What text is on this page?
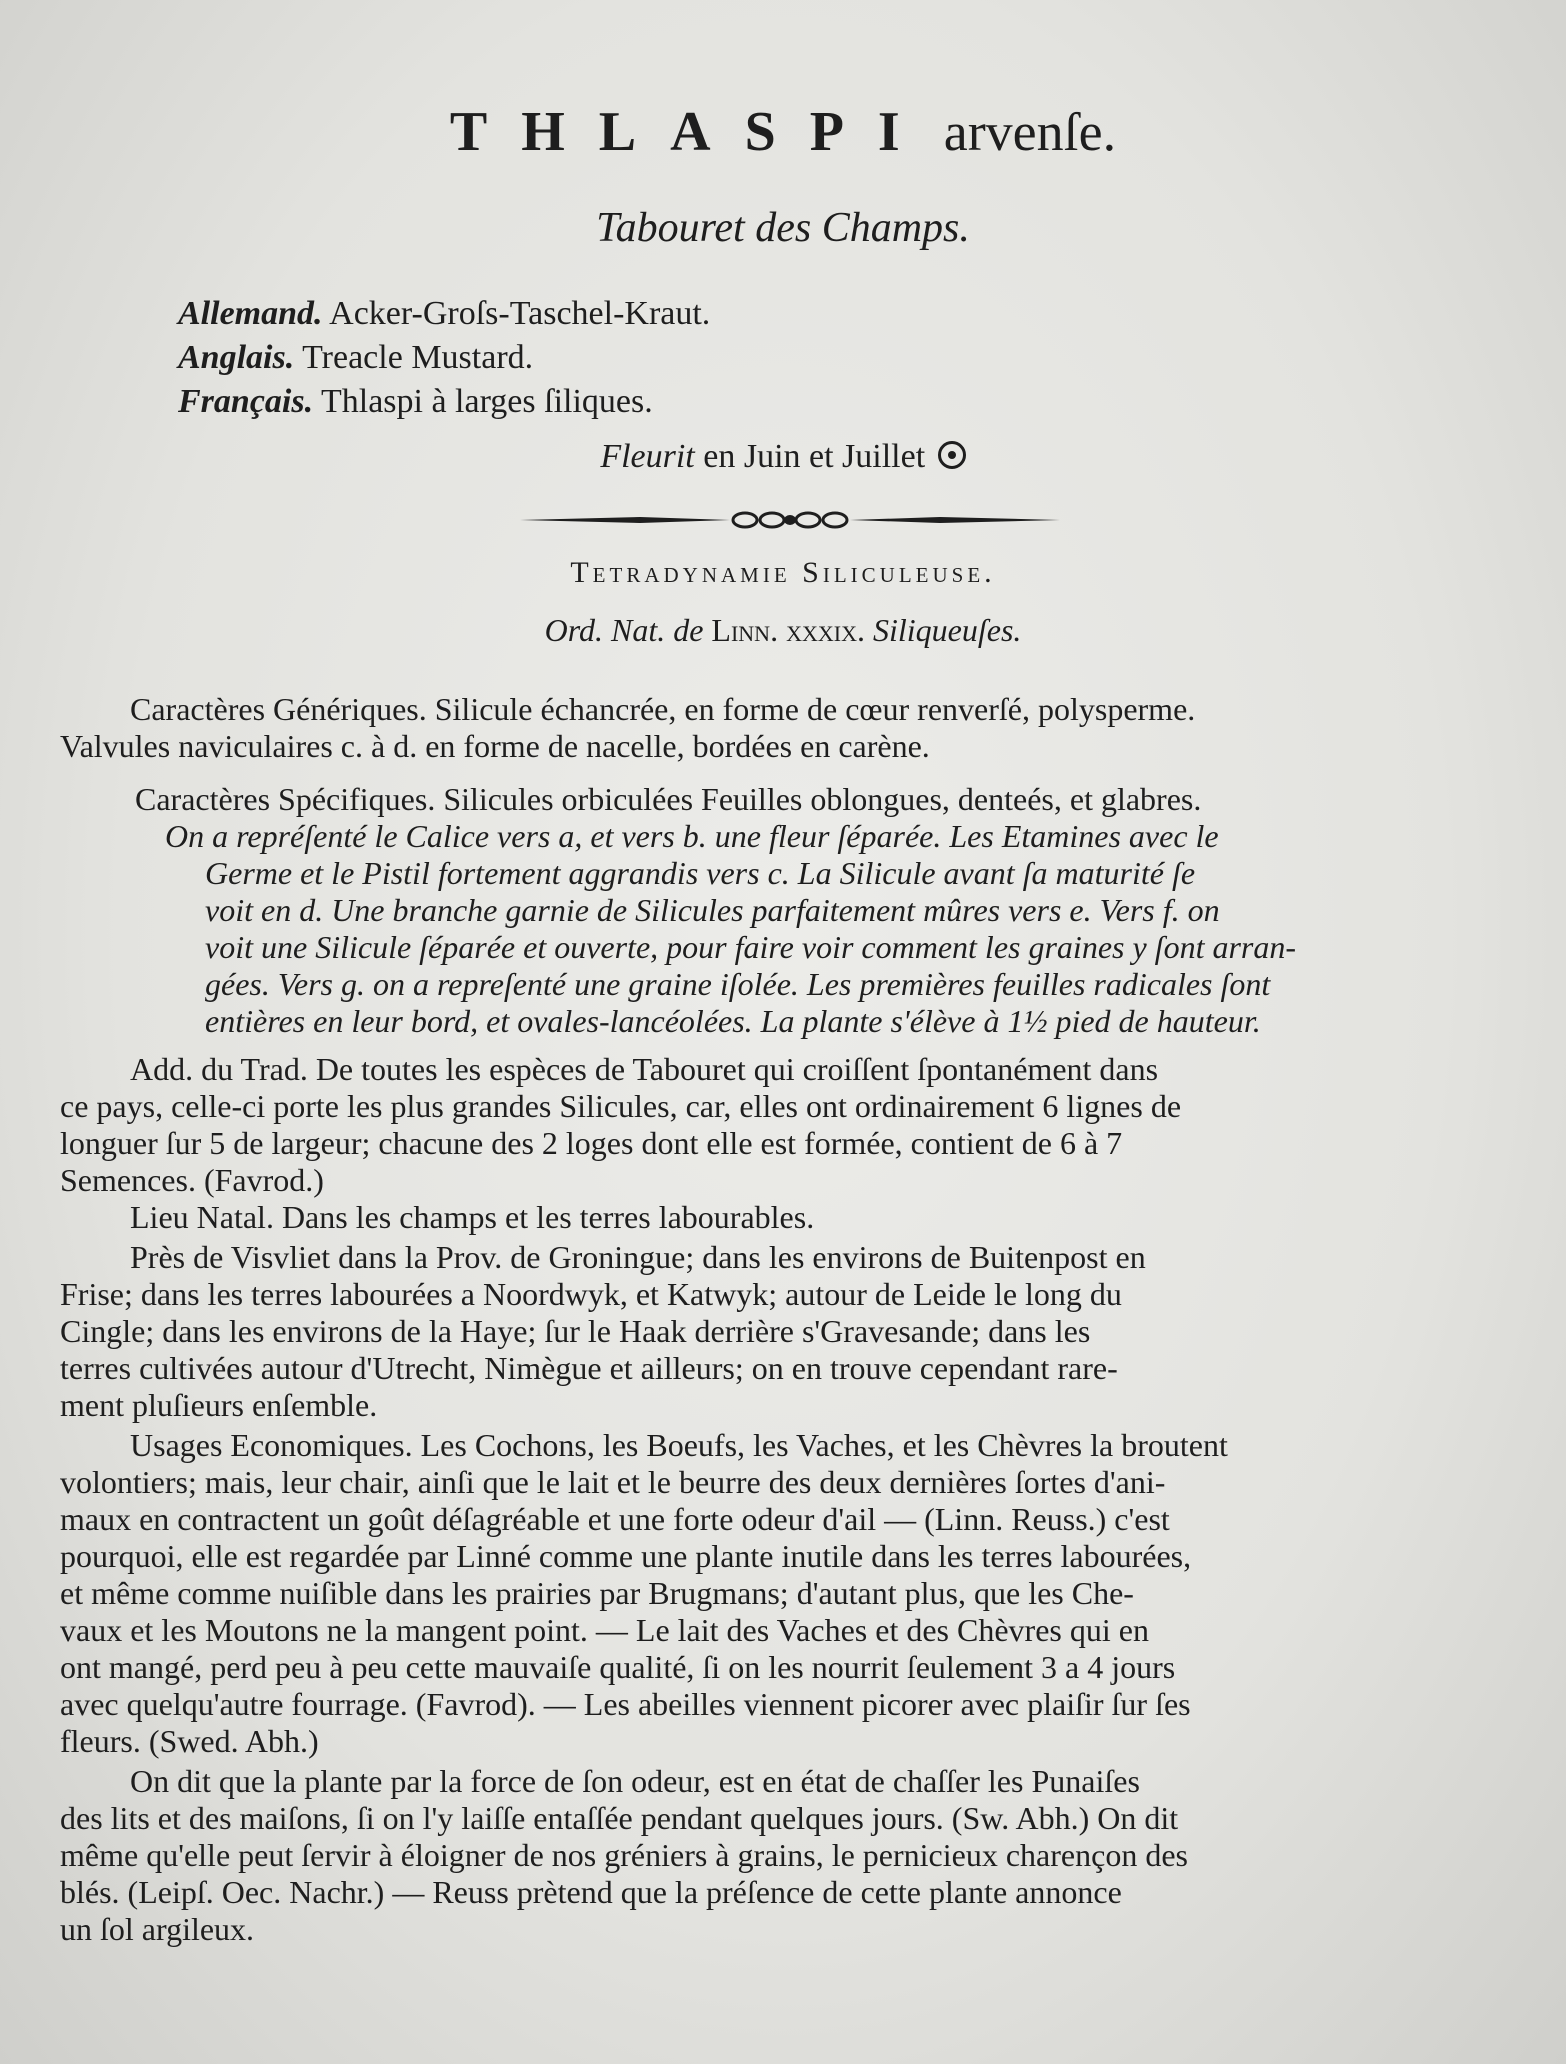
THLASPI arvenſe.
Tabouret des Champs.
Allemand. Acker-Groſs-Taschel-Kraut.
Anglais. Treacle Mustard.
Français. Thlaspi à larges ſiliques.
Fleurit en Juin et Juillet
Tetradynamie Siliculeuse.
Ord. Nat. de Linn. xxxix. Siliqueuſes.
Caractères Génériques. Silicule échancrée, en forme de cœur renverſé, polysperme.
Valvules naviculaires c. à d. en forme de nacelle, bordées en carène.
Caractères Spécifiques. Silicules orbiculées Feuilles oblongues, denteés, et glabres.
On a repréſenté le Calice vers a, et vers b. une fleur ſéparée. Les Etamines avec le
Germe et le Pistil fortement aggrandis vers c. La Silicule avant ſa maturité ſe
voit en d. Une branche garnie de Silicules parfaitement mûres vers e. Vers f. on
voit une Silicule ſéparée et ouverte, pour faire voir comment les graines y ſont arran-
gées. Vers g. on a repreſenté une graine iſolée. Les premières feuilles radicales ſont
entières en leur bord, et ovales-lancéolées. La plante s'élève à 1½ pied de hauteur.
Add. du Trad. De toutes les espèces de Tabouret qui croiſſent ſpontanément dans
ce pays, celle-ci porte les plus grandes Silicules, car, elles ont ordinairement 6 lignes de
longuer ſur 5 de largeur; chacune des 2 loges dont elle est formée, contient de 6 à 7
Semences. (Favrod.)
Lieu Natal. Dans les champs et les terres labourables.
Près de Visvliet dans la Prov. de Groningue; dans les environs de Buitenpost en
Frise; dans les terres labourées a Noordwyk, et Katwyk; autour de Leide le long du
Cingle; dans les environs de la Haye; ſur le Haak derrière s'Gravesande; dans les
terres cultivées autour d'Utrecht, Nimègue et ailleurs; on en trouve cependant rare-
ment pluſieurs enſemble.
Usages Economiques. Les Cochons, les Boeufs, les Vaches, et les Chèvres la broutent
volontiers; mais, leur chair, ainſi que le lait et le beurre des deux dernières ſortes d'ani-
maux en contractent un goût déſagréable et une forte odeur d'ail — (Linn. Reuss.) c'est
pourquoi, elle est regardée par Linné comme une plante inutile dans les terres labourées,
et même comme nuiſible dans les prairies par Brugmans; d'autant plus, que les Che-
vaux et les Moutons ne la mangent point. — Le lait des Vaches et des Chèvres qui en
ont mangé, perd peu à peu cette mauvaiſe qualité, ſi on les nourrit ſeulement 3 a 4 jours
avec quelqu'autre fourrage. (Favrod). — Les abeilles viennent picorer avec plaiſir ſur ſes
fleurs. (Swed. Abh.)
On dit que la plante par la force de ſon odeur, est en état de chaſſer les Punaiſes
des lits et des maiſons, ſi on l'y laiſſe entaſſée pendant quelques jours. (Sw. Abh.) On dit
même qu'elle peut ſervir à éloigner de nos gréniers à grains, le pernicieux charençon des
blés. (Leipſ. Oec. Nachr.) — Reuss prètend que la préſence de cette plante annonce
un ſol argileux.
